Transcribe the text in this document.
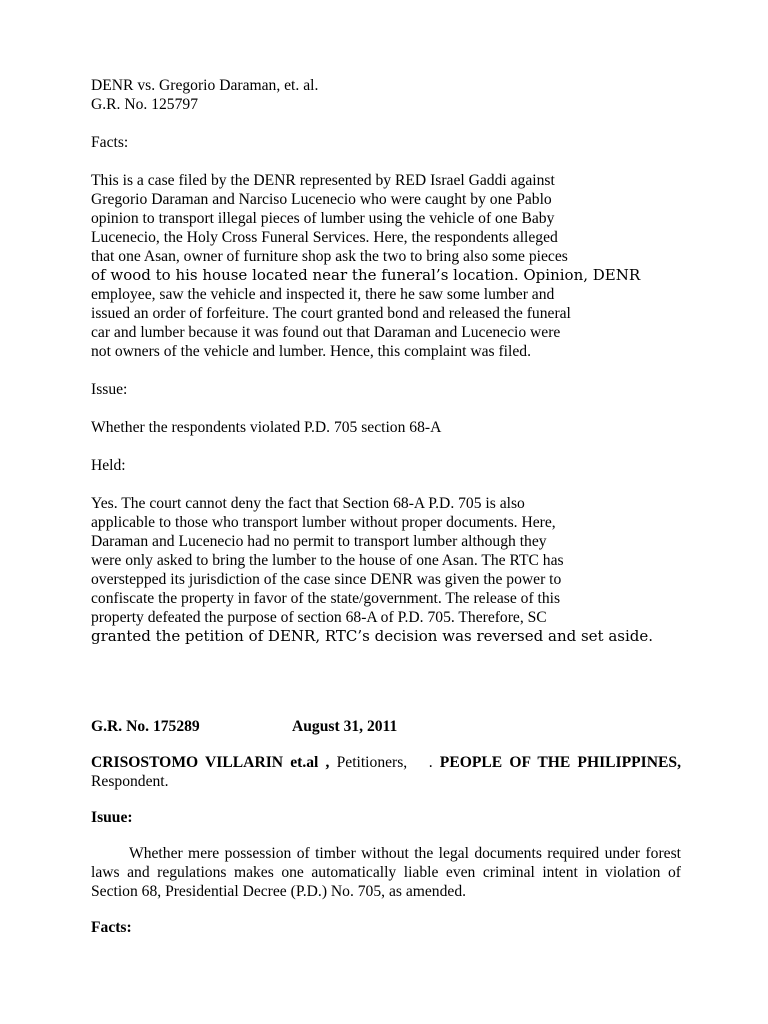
DENR vs. Gregorio Daraman, et. al.

G.R. No. 125797

Facts:

This is a case filed by the DENR represented by RED Israel Gaddi against
Gregorio Daraman and Narciso Lucenecio who were caught by one Pablo
opinion to transport illegal pieces of lumber using the vehicle of one Baby
Lucenecio, the Holy Cross Funeral Services. Here, the respondents alleged
that one Asan, owner of furniture shop ask the two to bring also some pieces
of wood to his house located near the funeral’s location. Opinion, DENR
employee, saw the vehicle and inspected it, there he saw some lumber and
issued an order of forfeiture. The court granted bond and released the funeral
car and lumber because it was found out that Daraman and Lucenecio were
not owners of the vehicle and lumber. Hence, this complaint was filed.

Issue:

Whether the respondents violated P.D. 705 section 68-A

Held:

Yes. The court cannot deny the fact that Section 68-A P.D. 705 is also
applicable to those who transport lumber without proper documents. Here,
Daraman and Lucenecio had no permit to transport lumber although they
were only asked to bring the lumber to the house of one Asan. The RTC has
overstepped its jurisdiction of the case since DENR was given the power to
confiscate the property in favor of the state/government. The release of this
property defeated the purpose of section 68-A of P.D. 705. Therefore, SC
granted the petition of DENR, RTC’s decision was reversed and set aside.

G.R. No. 175289	August 31, 2011

CRISOSTOMO VILLARIN et.al , Petitioners, . PEOPLE OF THE PHILIPPINES, Respondent.

Isuue:

Whether mere possession of timber without the legal documents required under forest laws and regulations makes one automatically liable even criminal intent in violation of Section 68, Presidential Decree (P.D.) No. 705, as amended.

Facts:
